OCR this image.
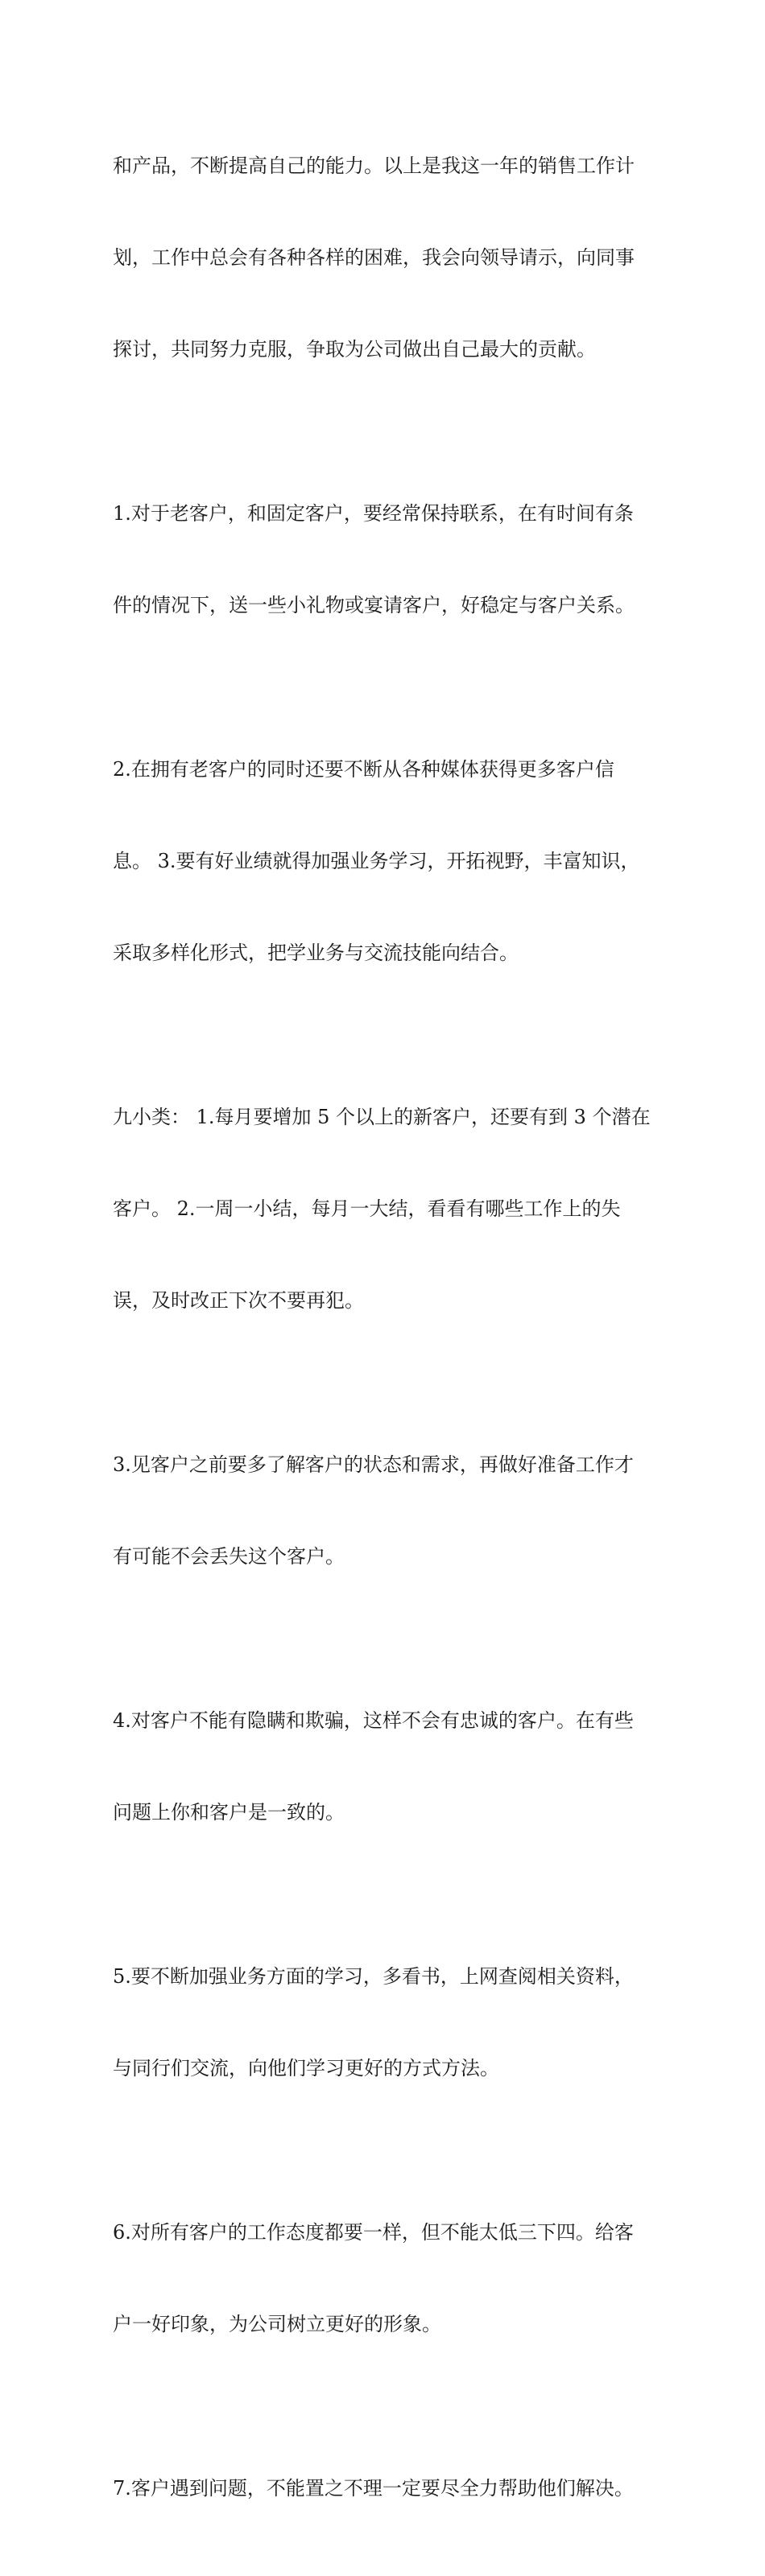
和产品，不断提高自己的能力。以上是我这一年的销售工作计

划，工作中总会有各种各样的困难，我会向领导请示，向同事

探讨，共同努力克服，争取为公司做出自己最大的贡献。

1.对于老客户，和固定客户，要经常保持联系，在有时间有条

件的情况下，送一些小礼物或宴请客户，好稳定与客户关系。

2.在拥有老客户的同时还要不断从各种媒体获得更多客户信

息。 3.要有好业绩就得加强业务学习，开拓视野，丰富知识，

采取多样化形式，把学业务与交流技能向结合。

九小类： 1.每月要增加 5 个以上的新客户，还要有到 3 个潜在

客户。 2.一周一小结，每月一大结，看看有哪些工作上的失

误，及时改正下次不要再犯。

3.见客户之前要多了解客户的状态和需求，再做好准备工作才

有可能不会丢失这个客户。

4.对客户不能有隐瞒和欺骗，这样不会有忠诚的客户。在有些

问题上你和客户是一致的。

5.要不断加强业务方面的学习，多看书，上网查阅相关资料，

与同行们交流，向他们学习更好的方式方法。

6.对所有客户的工作态度都要一样，但不能太低三下四。给客

户一好印象，为公司树立更好的形象。

7.客户遇到问题，不能置之不理一定要尽全力帮助他们解决。
